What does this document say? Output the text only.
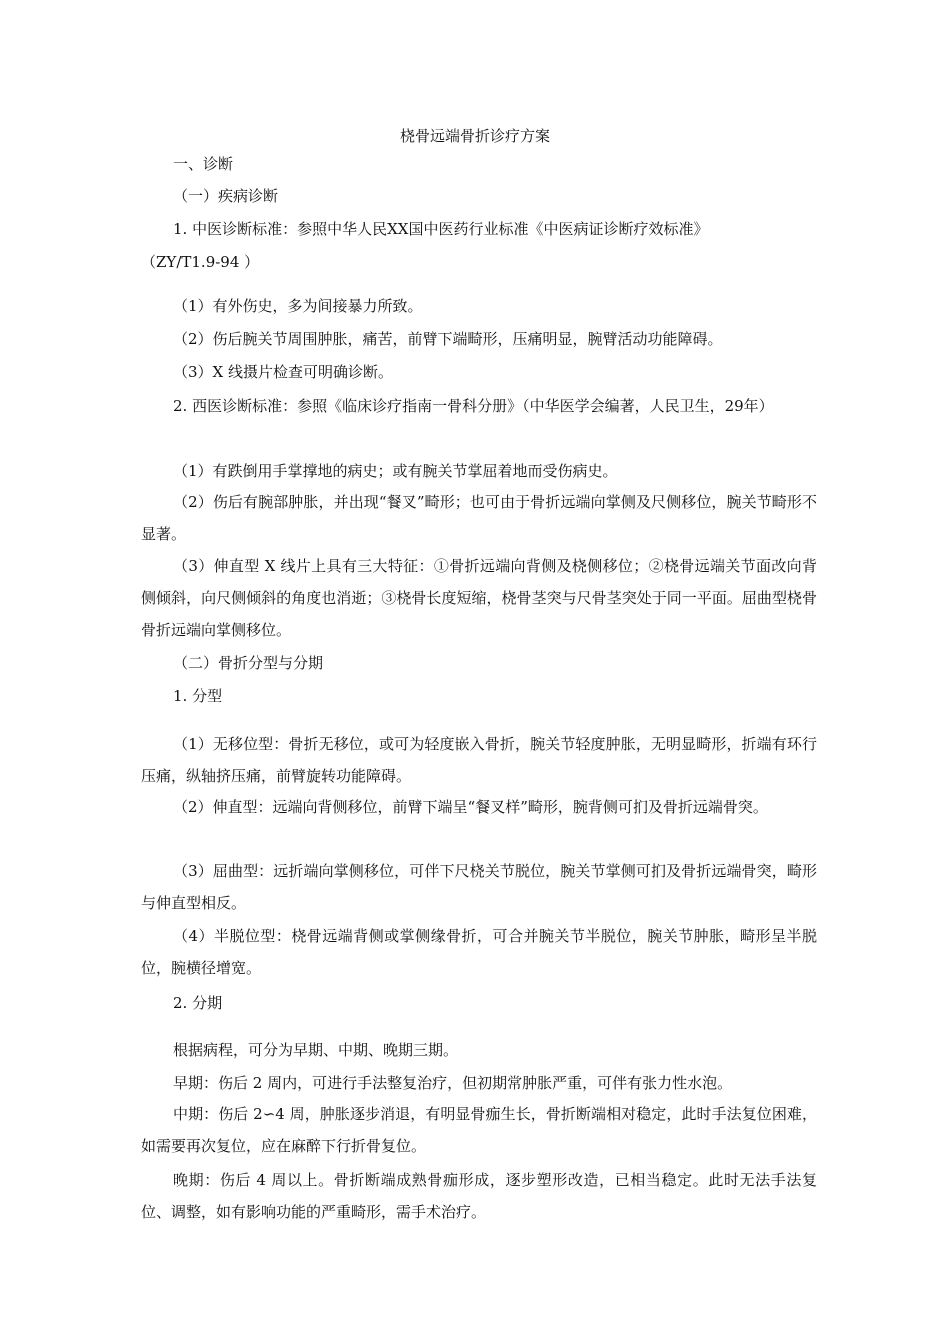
桡骨远端骨折诊疗方案

一、诊断

（一）疾病诊断

1. 中医诊断标准：参照中华人民XX国中医药行业标准《中医病证诊断疗效标准》

（ZY/T1.9-94 ）

（1）有外伤史，多为间接暴力所致。

（2）伤后腕关节周围肿胀，痛苦，前臂下端畸形，压痛明显，腕臂活动功能障碍。

（3）X 线摄片检查可明确诊断。

2. 西医诊断标准：参照《临床诊疗指南一骨科分册》（中华医学会编著，人民卫生，29年）

（1）有跌倒用手掌撑地的病史；或有腕关节掌屈着地而受伤病史。

（2）伤后有腕部肿胀，并出现“餐叉”畸形；也可由于骨折远端向掌侧及尺侧移位，腕关节畸形不显著。

（3）伸直型 X 线片上具有三大特征：①骨折远端向背侧及桡侧移位；②桡骨远端关节面改向背侧倾斜，向尺侧倾斜的角度也消逝；③桡骨长度短缩，桡骨茎突与尺骨茎突处于同一平面。屈曲型桡骨骨折远端向掌侧移位。

（二）骨折分型与分期

1. 分型

（1）无移位型：骨折无移位，或可为轻度嵌入骨折，腕关节轻度肿胀，无明显畸形，折端有环行压痛，纵轴挤压痛，前臂旋转功能障碍。

（2）伸直型：远端向背侧移位，前臂下端呈“餐叉样”畸形，腕背侧可扪及骨折远端骨突。

（3）屈曲型：远折端向掌侧移位，可伴下尺桡关节脱位，腕关节掌侧可扪及骨折远端骨突，畸形与伸直型相反。

（4）半脱位型：桡骨远端背侧或掌侧缘骨折，可合并腕关节半脱位，腕关节肿胀，畸形呈半脱位，腕横径增宽。

2. 分期

根据病程，可分为早期、中期、晚期三期。

早期：伤后 2 周内，可进行手法整复治疗，但初期常肿胀严重，可伴有张力性水泡。

中期：伤后 2∽4 周，肿胀逐步消退，有明显骨痂生长，骨折断端相对稳定，此时手法复位困难，如需要再次复位，应在麻醉下行折骨复位。

晚期：伤后 4 周以上。骨折断端成熟骨痂形成，逐步塑形改造，已相当稳定。此时无法手法复位、调整，如有影响功能的严重畸形，需手术治疗。
